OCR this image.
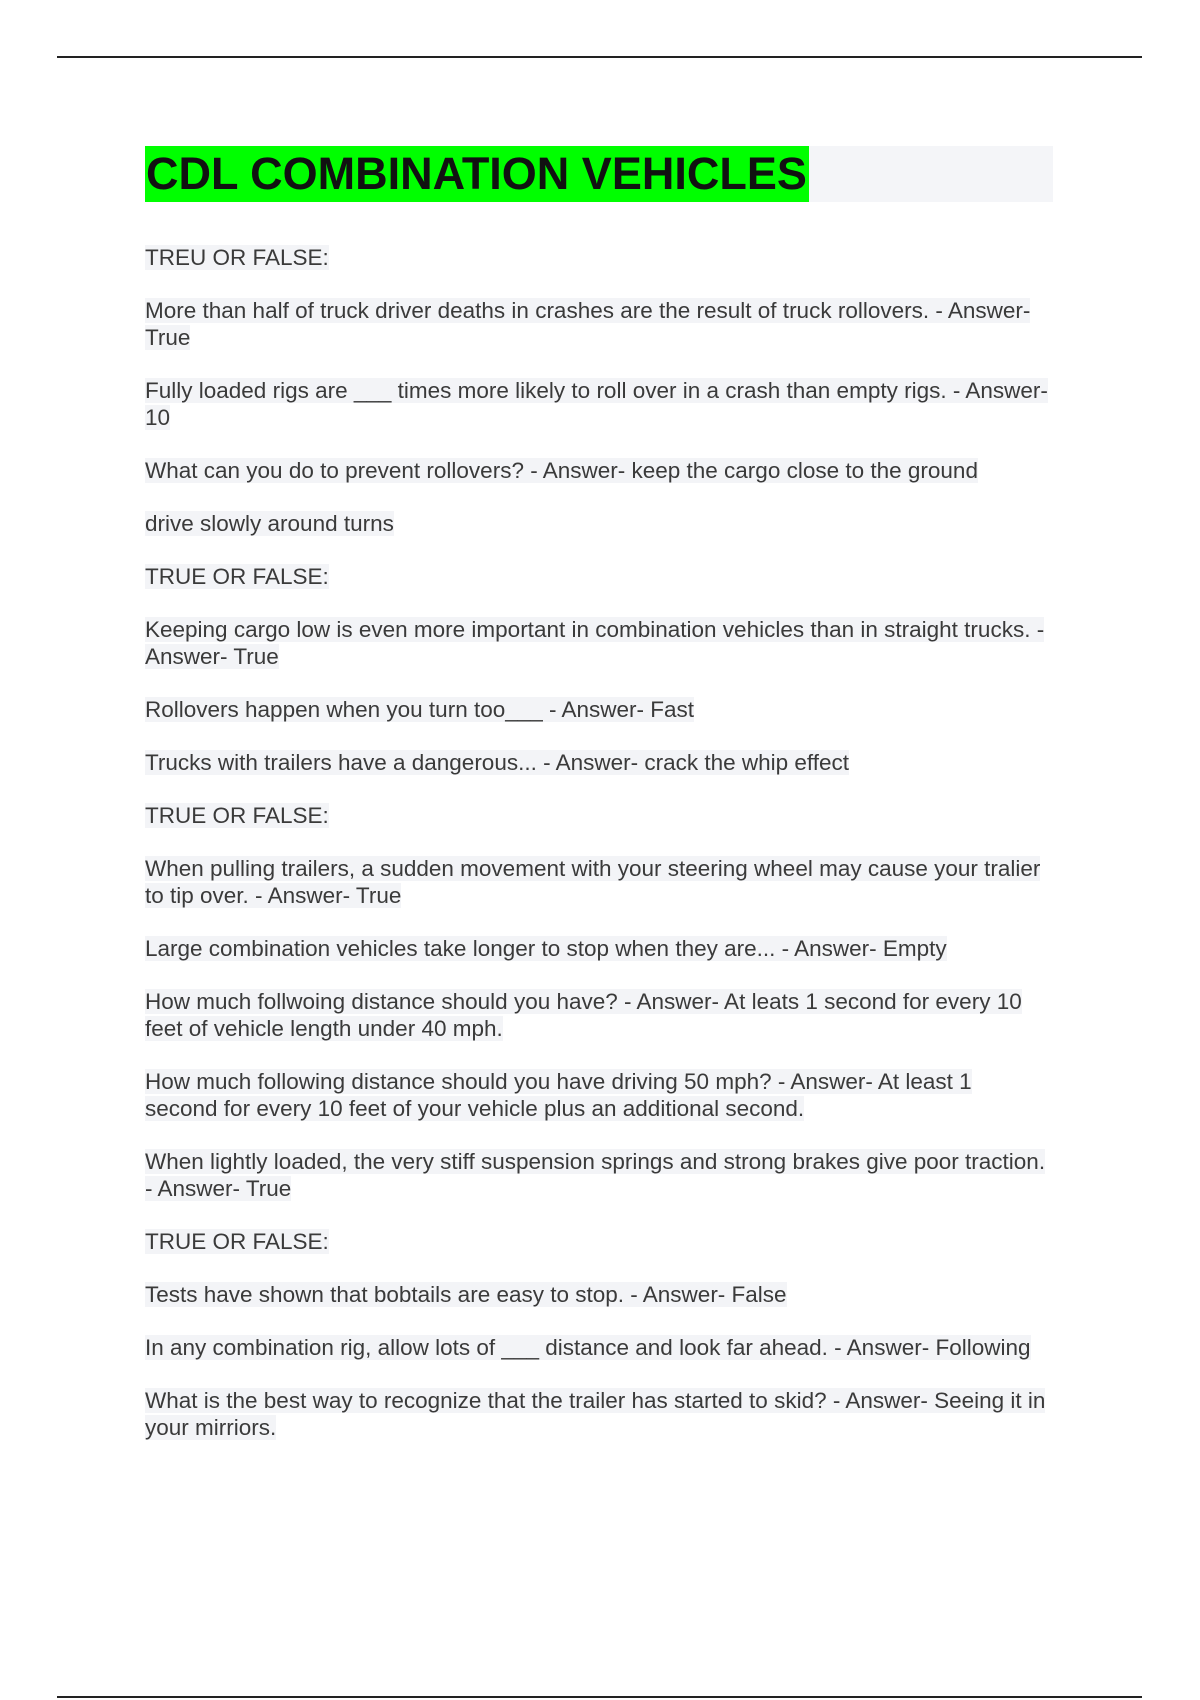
CDL COMBINATION VEHICLES

TREU OR FALSE:

More than half of truck driver deaths in crashes are the result of truck rollovers. - Answer- True

Fully loaded rigs are ___ times more likely to roll over in a crash than empty rigs. - Answer- 10

What can you do to prevent rollovers? - Answer- keep the cargo close to the ground

drive slowly around turns

TRUE OR FALSE:

Keeping cargo low is even more important in combination vehicles than in straight trucks. - Answer- True

Rollovers happen when you turn too___ - Answer- Fast

Trucks with trailers have a dangerous... - Answer- crack the whip effect

TRUE OR FALSE:

When pulling trailers, a sudden movement with your steering wheel may cause your tralier to tip over. - Answer- True

Large combination vehicles take longer to stop when they are... - Answer- Empty

How much follwoing distance should you have? - Answer- At leats 1 second for every 10 feet of vehicle length under 40 mph.

How much following distance should you have driving 50 mph? - Answer- At least 1 second for every 10 feet of your vehicle plus an additional second.

When lightly loaded, the very stiff suspension springs and strong brakes give poor traction. - Answer- True

TRUE OR FALSE:

Tests have shown that bobtails are easy to stop. - Answer- False

In any combination rig, allow lots of ___ distance and look far ahead. - Answer- Following

What is the best way to recognize that the trailer has started to skid? - Answer- Seeing it in your mirriors.
